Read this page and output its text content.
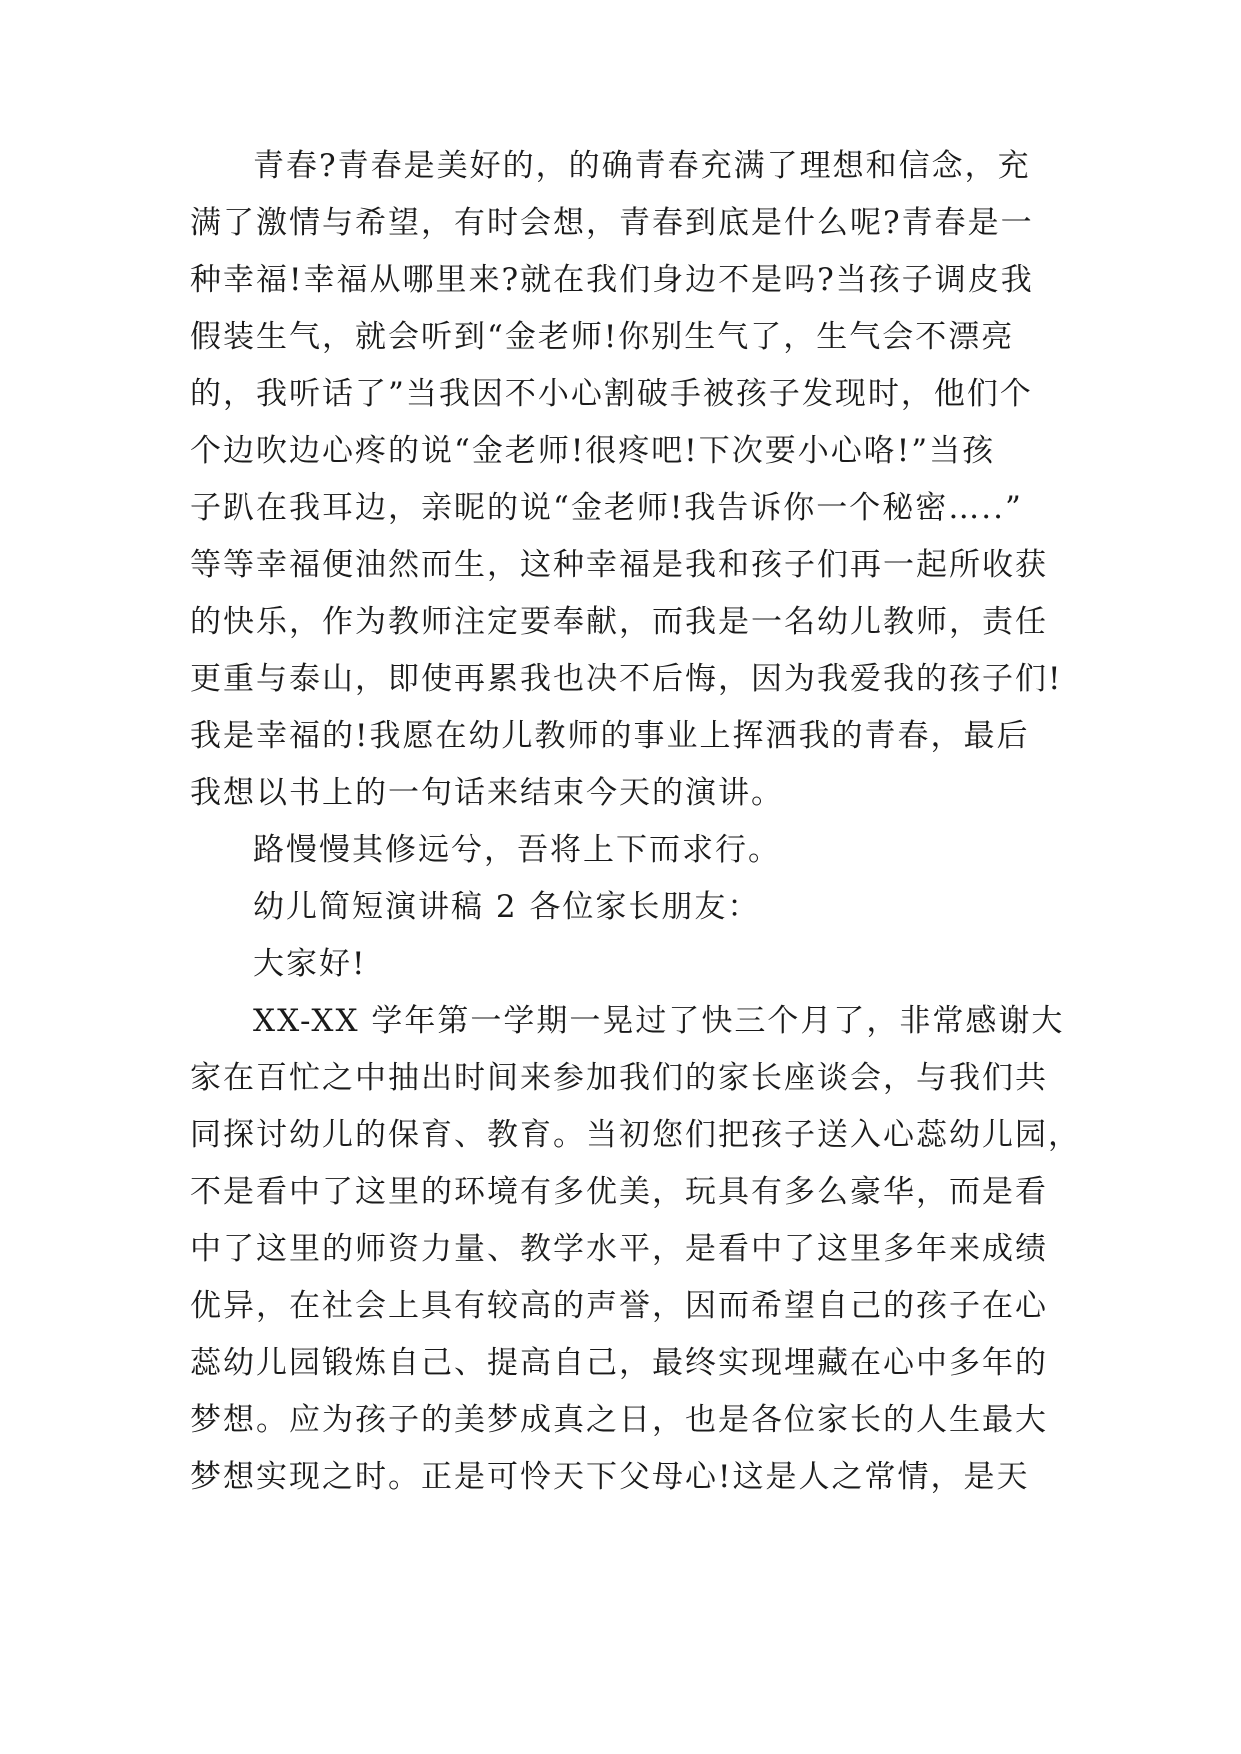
青春?青春是美好的，的确青春充满了理想和信念，充
满了激情与希望，有时会想，青春到底是什么呢?青春是一
种幸福!幸福从哪里来?就在我们身边不是吗?当孩子调皮我
假装生气，就会听到“金老师!你别生气了，生气会不漂亮
的，我听话了”当我因不小心割破手被孩子发现时，他们个
个边吹边心疼的说“金老师!很疼吧!下次要小心咯!”当孩
子趴在我耳边，亲昵的说“金老师!我告诉你一个秘密…..”
等等幸福便油然而生，这种幸福是我和孩子们再一起所收获
的快乐，作为教师注定要奉献，而我是一名幼儿教师，责任
更重与泰山，即使再累我也决不后悔，因为我爱我的孩子们!
我是幸福的!我愿在幼儿教师的事业上挥洒我的青春，最后
我想以书上的一句话来结束今天的演讲。
路慢慢其修远兮，吾将上下而求行。
幼儿简短演讲稿 2 各位家长朋友：
大家好!
XX-XX 学年第一学期一晃过了快三个月了，非常感谢大
家在百忙之中抽出时间来参加我们的家长座谈会，与我们共
同探讨幼儿的保育、教育。当初您们把孩子送入心蕊幼儿园，
不是看中了这里的环境有多优美，玩具有多么豪华，而是看
中了这里的师资力量、教学水平，是看中了这里多年来成绩
优异，在社会上具有较高的声誉，因而希望自己的孩子在心
蕊幼儿园锻炼自己、提高自己，最终实现埋藏在心中多年的
梦想。应为孩子的美梦成真之日，也是各位家长的人生最大
梦想实现之时。正是可怜天下父母心!这是人之常情，是天
